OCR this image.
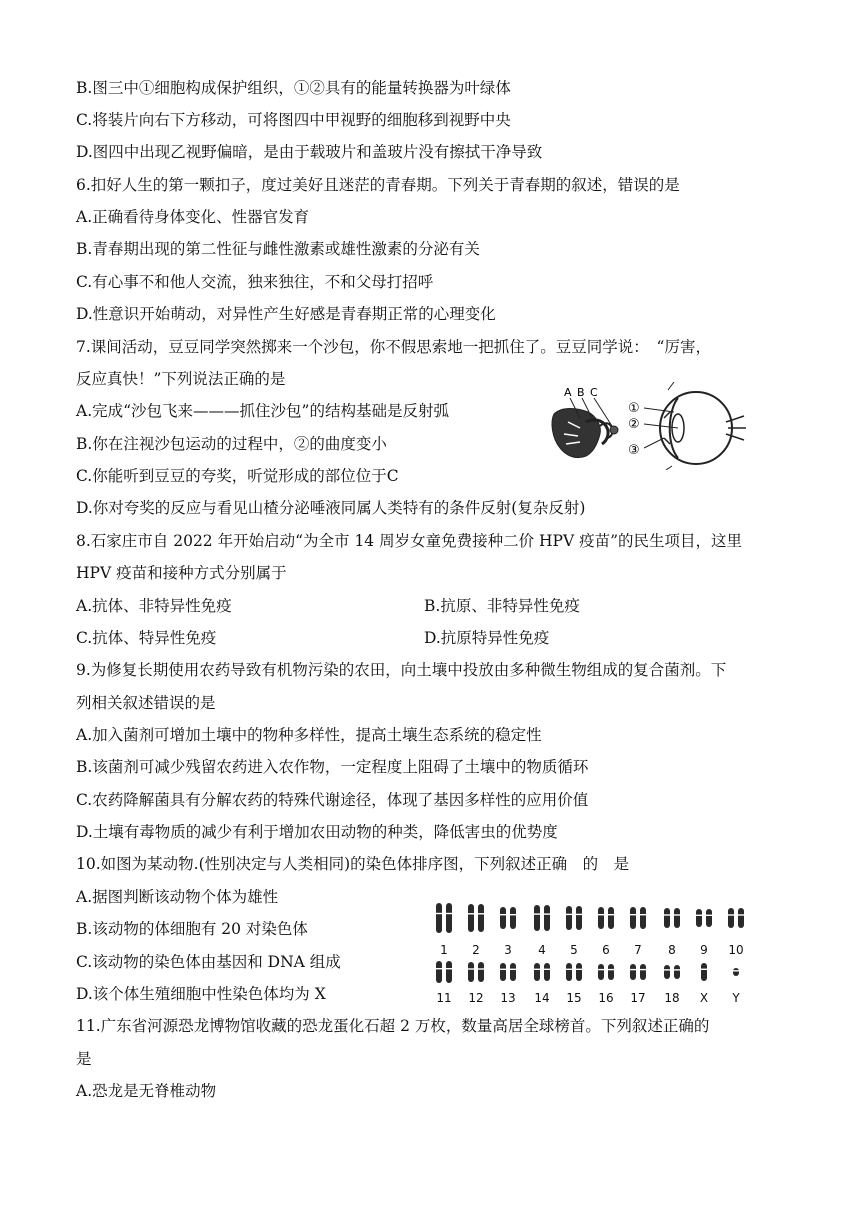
B.图三中①细胞构成保护组织，①②具有的能量转换器为叶绿体
C.将装片向右下方移动，可将图四中甲视野的细胞移到视野中央
D.图四中出现乙视野偏暗，是由于载玻片和盖玻片没有擦拭干净导致
6.扣好人生的第一颗扣子，度过美好且迷茫的青春期。下列关于青春期的叙述，错误的是
A.正确看待身体变化、性器官发育
B.青春期出现的第二性征与雌性激素或雄性激素的分泌有关
C.有心事不和他人交流，独来独往，不和父母打招呼
D.性意识开始萌动，对异性产生好感是青春期正常的心理变化
7.课间活动，豆豆同学突然掷来一个沙包，你不假思索地一把抓住了。豆豆同学说：　“厉害，
反应真快！”下列说法正确的是
A.完成“沙包飞来———抓住沙包”的结构基础是反射弧
B.你在注视沙包运动的过程中，②的曲度变小
C.你能听到豆豆的夸奖，听觉形成的部位位于C
D.你对夸奖的反应与看见山楂分泌唾液同属人类特有的条件反射(复杂反射)
8.石家庄市自 2022 年开始启动“为全市 14 周岁女童免费接种二价 HPV 疫苗”的民生项目，这里
HPV 疫苗和接种方式分别属于
A.抗体、非特异性免疫	B.抗原、非特异性免疫
C.抗体、特异性免疫	D.抗原特异性免疫
9.为修复长期使用农药导致有机物污染的农田，向土壤中投放由多种微生物组成的复合菌剂。下
列相关叙述错误的是
A.加入菌剂可增加土壤中的物种多样性，提高土壤生态系统的稳定性
B.该菌剂可减少残留农药进入农作物，一定程度上阻碍了土壤中的物质循环
C.农药降解菌具有分解农药的特殊代谢途径，体现了基因多样性的应用价值
D.土壤有毒物质的减少有利于增加农田动物的种类，降低害虫的优势度
10.如图为某动物.(性别决定与人类相同)的染色体排序图，下列叙述正确　的　是
A.据图判断该动物个体为雄性
B.该动物的体细胞有 20 对染色体
C.该动物的染色体由基因和 DNA 组成
D.该个体生殖细胞中性染色体均为 X
11.广东省河源恐龙博物馆收藏的恐龙蛋化石超 2 万枚，数量高居全球榜首。下列叙述正确的
是
A.恐龙是无脊椎动物
A B C
①
②
③
1 2 3 4 5 6 7 8 9 10
11 12 13 14 15 16 17 18 X Y
